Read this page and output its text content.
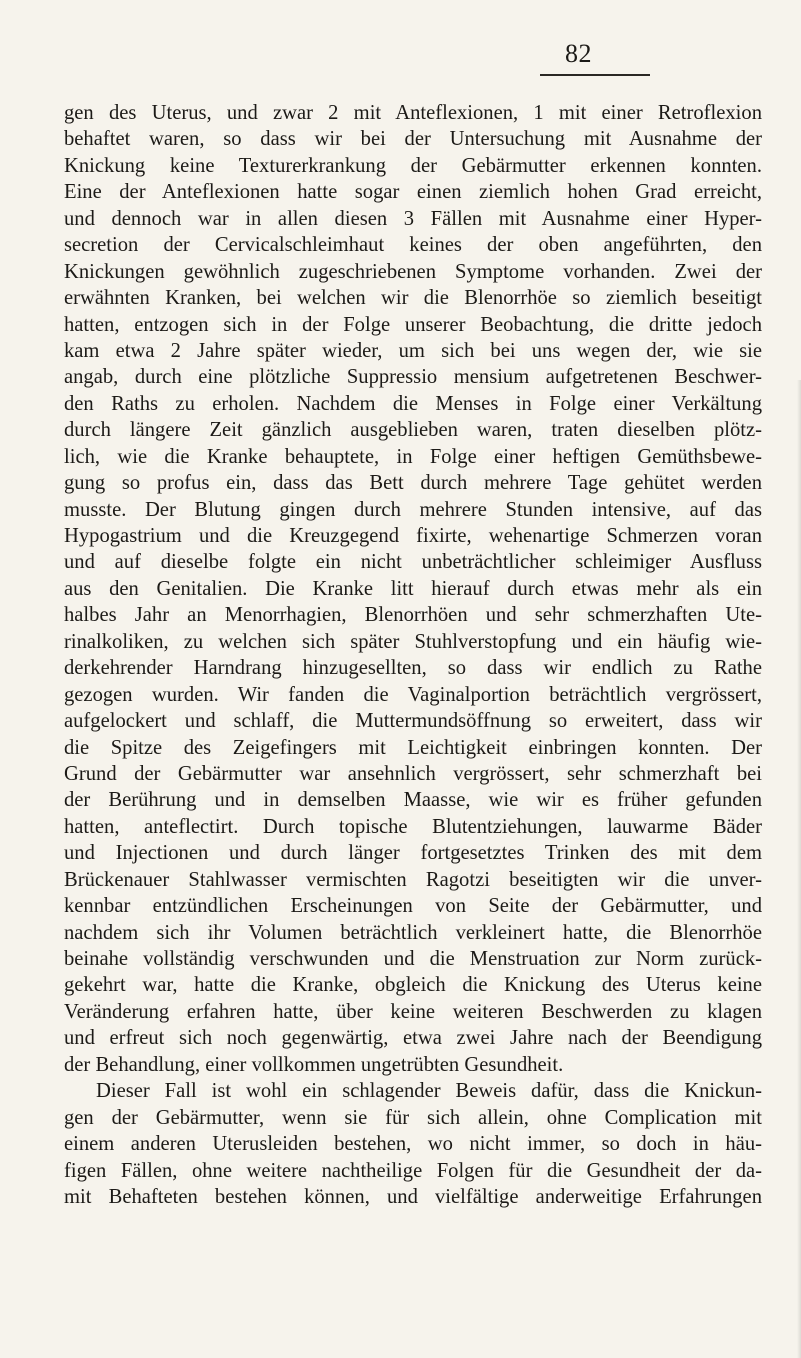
82
gen des Uterus, und zwar 2 mit Anteflexionen, 1 mit einer Retroflexion
behaftet waren, so dass wir bei der Untersuchung mit Ausnahme der
Knickung keine Texturerkrankung der Gebärmutter erkennen konnten.
Eine der Anteflexionen hatte sogar einen ziemlich hohen Grad erreicht,
und dennoch war in allen diesen 3 Fällen mit Ausnahme einer Hyper-
secretion der Cervicalschleimhaut keines der oben angeführten, den
Knickungen gewöhnlich zugeschriebenen Symptome vorhanden. Zwei der
erwähnten Kranken, bei welchen wir die Blenorrhöe so ziemlich beseitigt
hatten, entzogen sich in der Folge unserer Beobachtung, die dritte jedoch
kam etwa 2 Jahre später wieder, um sich bei uns wegen der, wie sie
angab, durch eine plötzliche Suppressio mensium aufgetretenen Beschwer-
den Raths zu erholen. Nachdem die Menses in Folge einer Verkältung
durch längere Zeit gänzlich ausgeblieben waren, traten dieselben plötz-
lich, wie die Kranke behauptete, in Folge einer heftigen Gemüthsbewe-
gung so profus ein, dass das Bett durch mehrere Tage gehütet werden
musste. Der Blutung gingen durch mehrere Stunden intensive, auf das
Hypogastrium und die Kreuzgegend fixirte, wehenartige Schmerzen voran
und auf dieselbe folgte ein nicht unbeträchtlicher schleimiger Ausfluss
aus den Genitalien. Die Kranke litt hierauf durch etwas mehr als ein
halbes Jahr an Menorrhagien, Blenorrhöen und sehr schmerzhaften Ute-
rinalkoliken, zu welchen sich später Stuhlverstopfung und ein häufig wie-
derkehrender Harndrang hinzugesellten, so dass wir endlich zu Rathe
gezogen wurden. Wir fanden die Vaginalportion beträchtlich vergrössert,
aufgelockert und schlaff, die Muttermundsöffnung so erweitert, dass wir
die Spitze des Zeigefingers mit Leichtigkeit einbringen konnten. Der
Grund der Gebärmutter war ansehnlich vergrössert, sehr schmerzhaft bei
der Berührung und in demselben Maasse, wie wir es früher gefunden
hatten, anteflectirt. Durch topische Blutentziehungen, lauwarme Bäder
und Injectionen und durch länger fortgesetztes Trinken des mit dem
Brückenauer Stahlwasser vermischten Ragotzi beseitigten wir die unver-
kennbar entzündlichen Erscheinungen von Seite der Gebärmutter, und
nachdem sich ihr Volumen beträchtlich verkleinert hatte, die Blenorrhöe
beinahe vollständig verschwunden und die Menstruation zur Norm zurück-
gekehrt war, hatte die Kranke, obgleich die Knickung des Uterus keine
Veränderung erfahren hatte, über keine weiteren Beschwerden zu klagen
und erfreut sich noch gegenwärtig, etwa zwei Jahre nach der Beendigung
der Behandlung, einer vollkommen ungetrübten Gesundheit.
Dieser Fall ist wohl ein schlagender Beweis dafür, dass die Knickun-
gen der Gebärmutter, wenn sie für sich allein, ohne Complication mit
einem anderen Uterusleiden bestehen, wo nicht immer, so doch in häu-
figen Fällen, ohne weitere nachtheilige Folgen für die Gesundheit der da-
mit Behafteten bestehen können, und vielfältige anderweitige Erfahrungen
